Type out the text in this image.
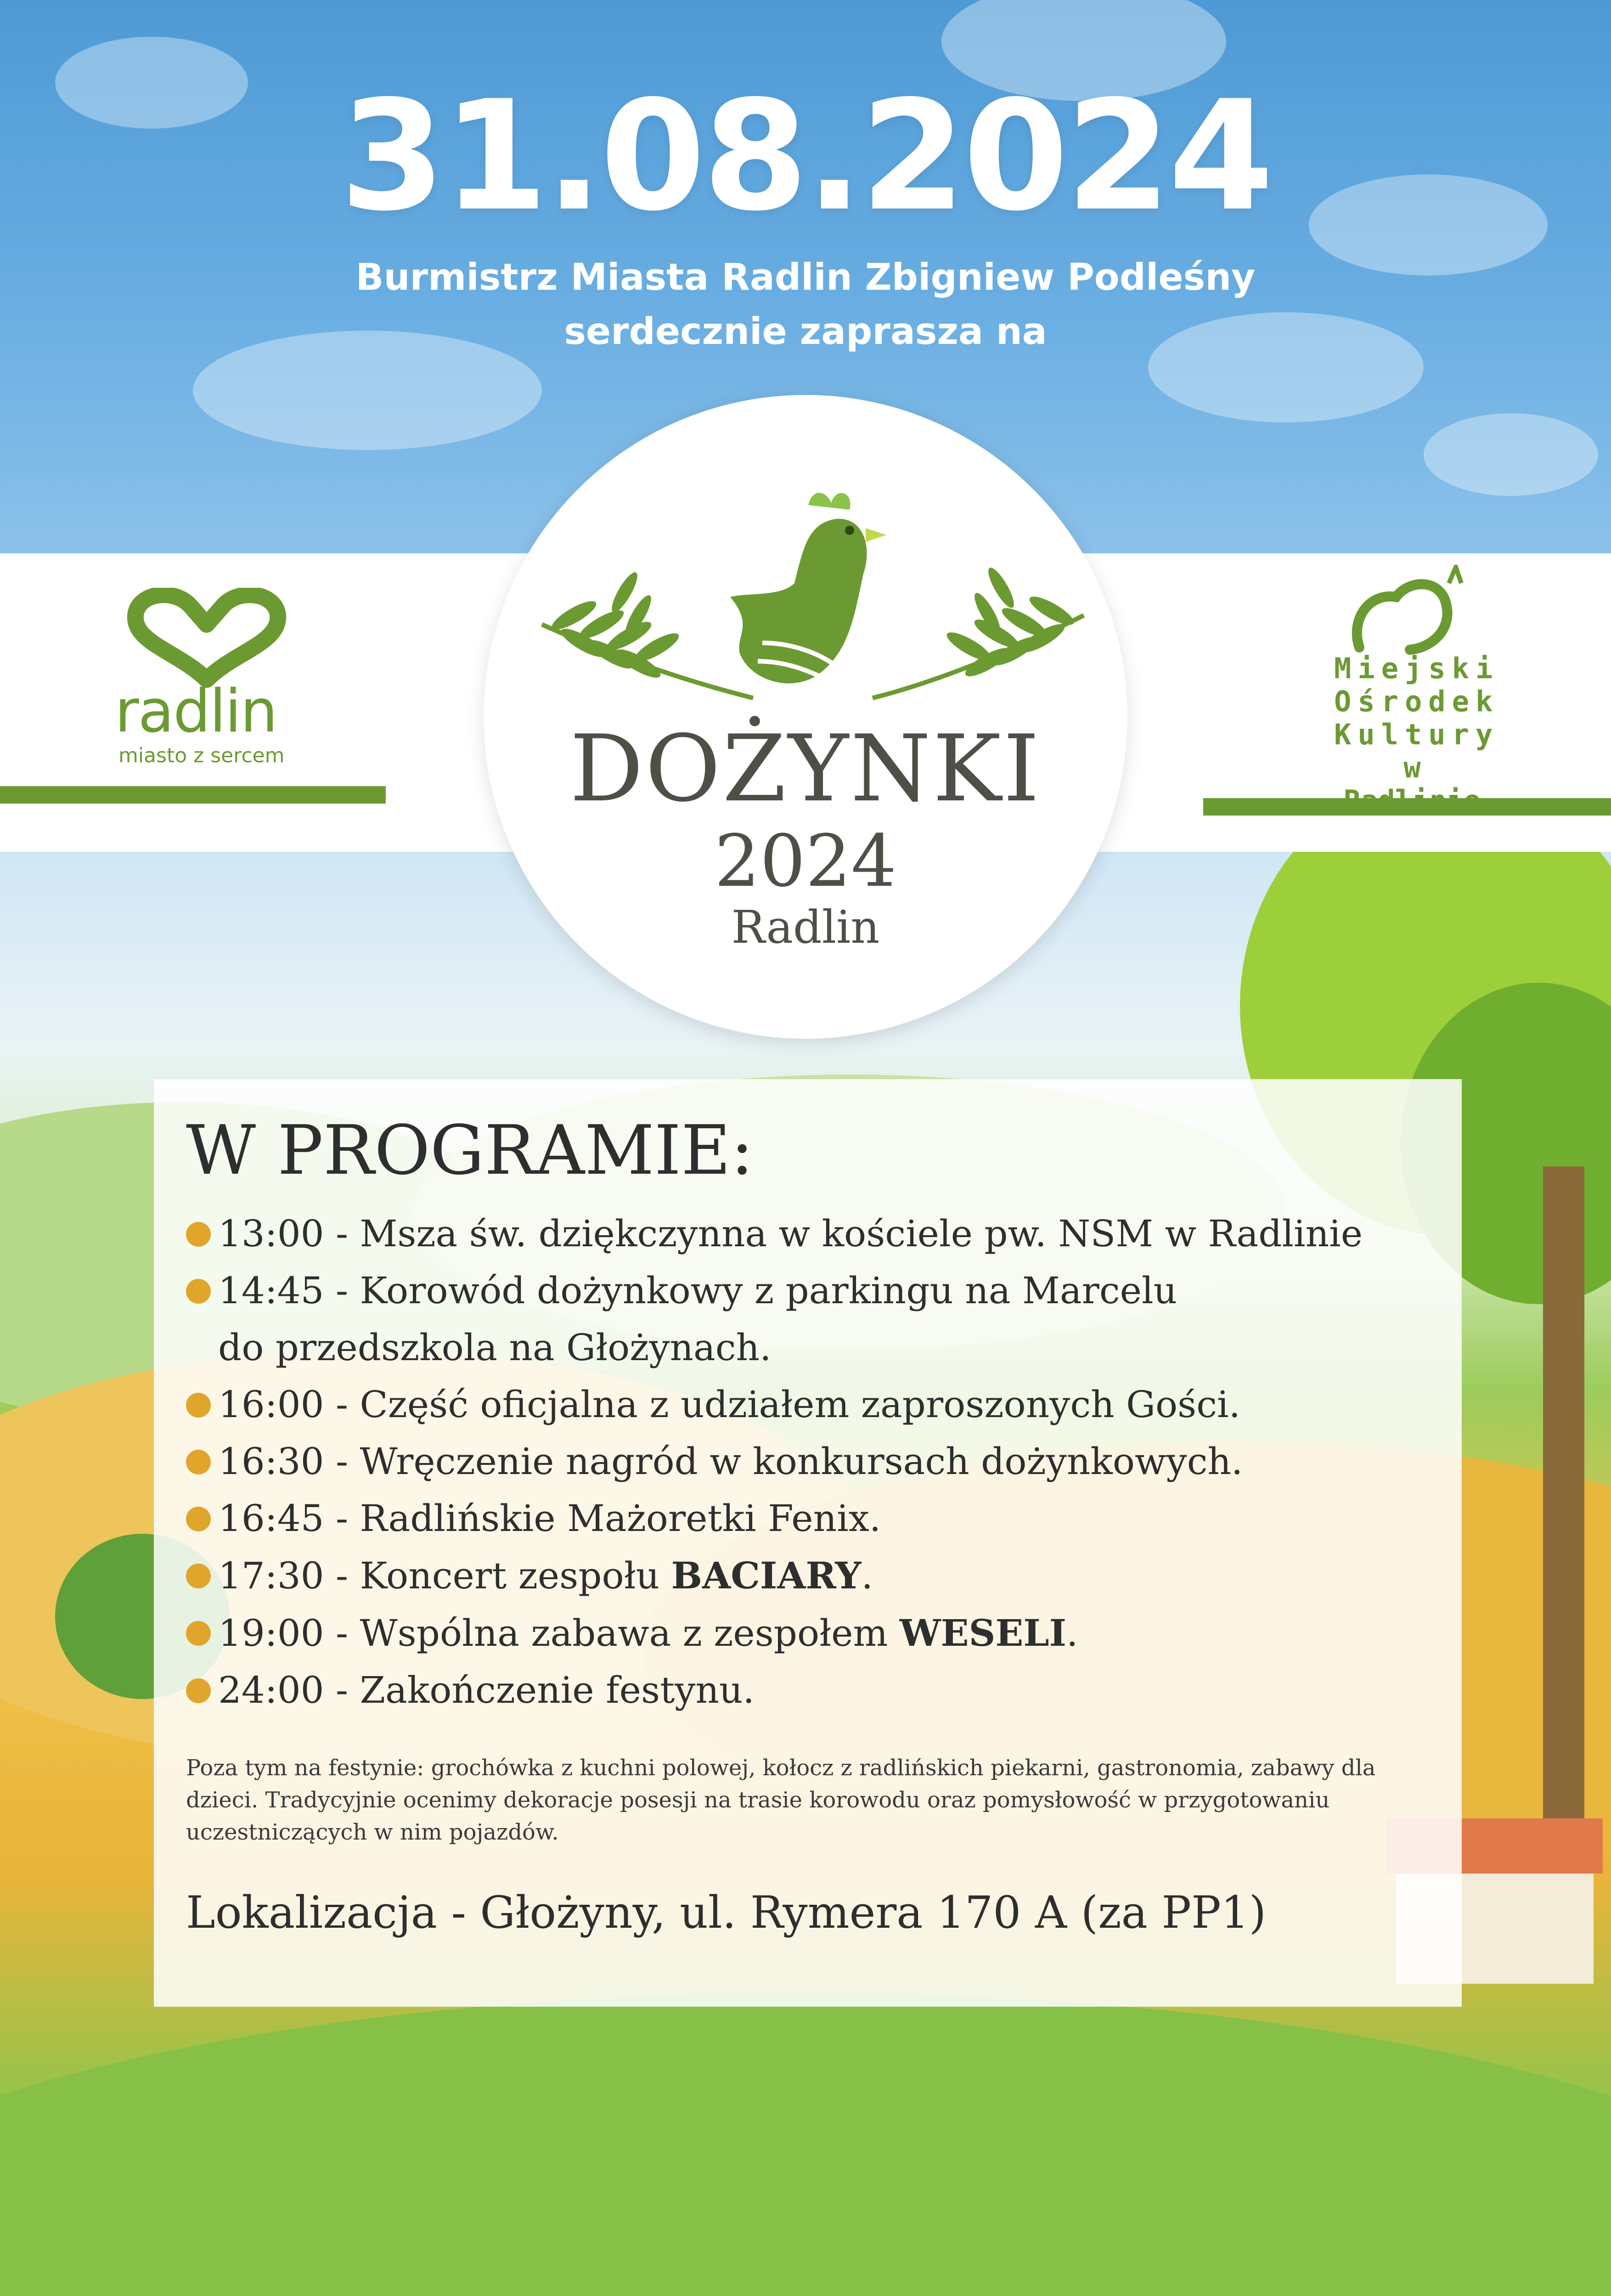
radlin
miasto z sercem
Miejski
Ośrodek
Kultury
w Radlinie
31.08.2024
Burmistrz Miasta Radlin Zbigniew Podleśny
serdecznie zaprasza na
DOŻYNKI
2024
Radlin
W PROGRAMIE:
13:00 - Msza św. dziękczynna w kościele pw. NSM w Radlinie
14:45 - Korowód dożynkowy z parkingu na Marcelu
do przedszkola na Głożynach.
16:00 - Część oficjalna z udziałem zaproszonych Gości.
16:30 - Wręczenie nagród w konkursach dożynkowych.
16:45 - Radlińskie Mażoretki Fenix.
17:30 - Koncert zespołu BACIARY.
19:00 - Wspólna zabawa z zespołem WESELI.
24:00 - Zakończenie festynu.
Poza tym na festynie: grochówka z kuchni polowej, kołocz z radlińskich piekarni, gastronomia, zabawy dla dzieci. Tradycyjnie ocenimy dekoracje posesji na trasie korowodu oraz pomysłowość w przygotowaniu uczestniczących w nim pojazdów.
Lokalizacja - Głożyny, ul. Rymera 170 A (za PP1)
